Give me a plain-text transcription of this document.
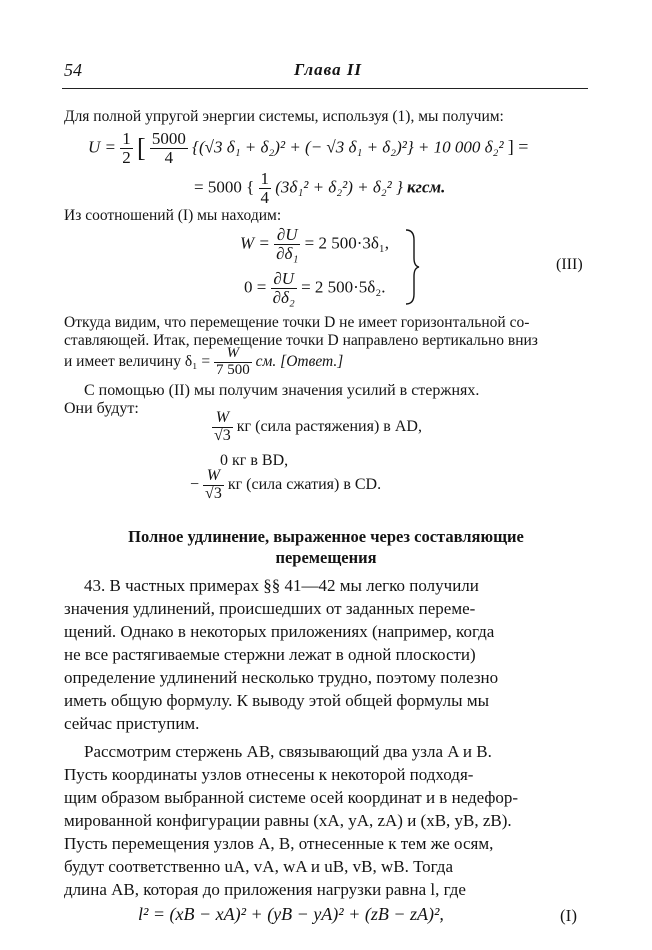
54	Глава II
Для полной упругой энергии системы, используя (1), мы получим:
$U = \frac{1}{2}$ [ $\frac{5000}{4} \{(√3$ δ₁ + δ₂)² + (− √3 δ₁ + δ₂)²} + 10 000 δ₂² ] =
= 5000 { $\frac{1}{4} (3\delta_1^2 + \delta_2^2) + \delta_2^2$ } кгсм.
Из соотношений (I) мы находим:
$W = \frac{\partial U}{\text{∂δ₁}} = 2$ 500·3δ₁,
$0 = \frac{\partial U}{\text{∂δ₂}} = 2$ 500·5δ₂.
(III)
Откуда видим, что перемещение точки D не имеет горизонтальной со-
ставляющей. Итак, перемещение точки D направлено вертикально вниз
и имеет величину $\delta_1 = \frac{W}{7 500}$ см. [Ответ.]
С помощью (II) мы получим значения усилий в стержнях.
Они будут:
$\frac{W}{√3}$ кг (сила растяжения) в AD,
0 кг в BD,
− $\frac{W}{√3}$ кг (сила сжатия) в CD.
Полное удлинение, выраженное через составляющие
перемещения
43. В частных примерах §§ 41—42 мы легко получили
значения удлинений, происшедших от заданных переме-
щений. Однако в некоторых приложениях (например, когда
не все растягиваемые стержни лежат в одной плоскости)
определение удлинений несколько трудно, поэтому полезно
иметь общую формулу. К выводу этой общей формулы мы
сейчас приступим.
Рассмотрим стержень AB, связывающий два узла A и B.
Пусть координаты узлов отнесены к некоторой подходя-
щим образом выбранной системе осей координат и в недефор-
мированной конфигурации равны (xA, yA, zA) и (xB, yB, zB).
Пусть перемещения узлов A, B, отнесенные к тем же осям,
будут соответственно uA, vA, wA и uB, vB, wB. Тогда
длина AB, которая до приложения нагрузки равна l, где
l² = (xB − xA)² + (yB − yA)² + (zB − zA)²,	(I)
